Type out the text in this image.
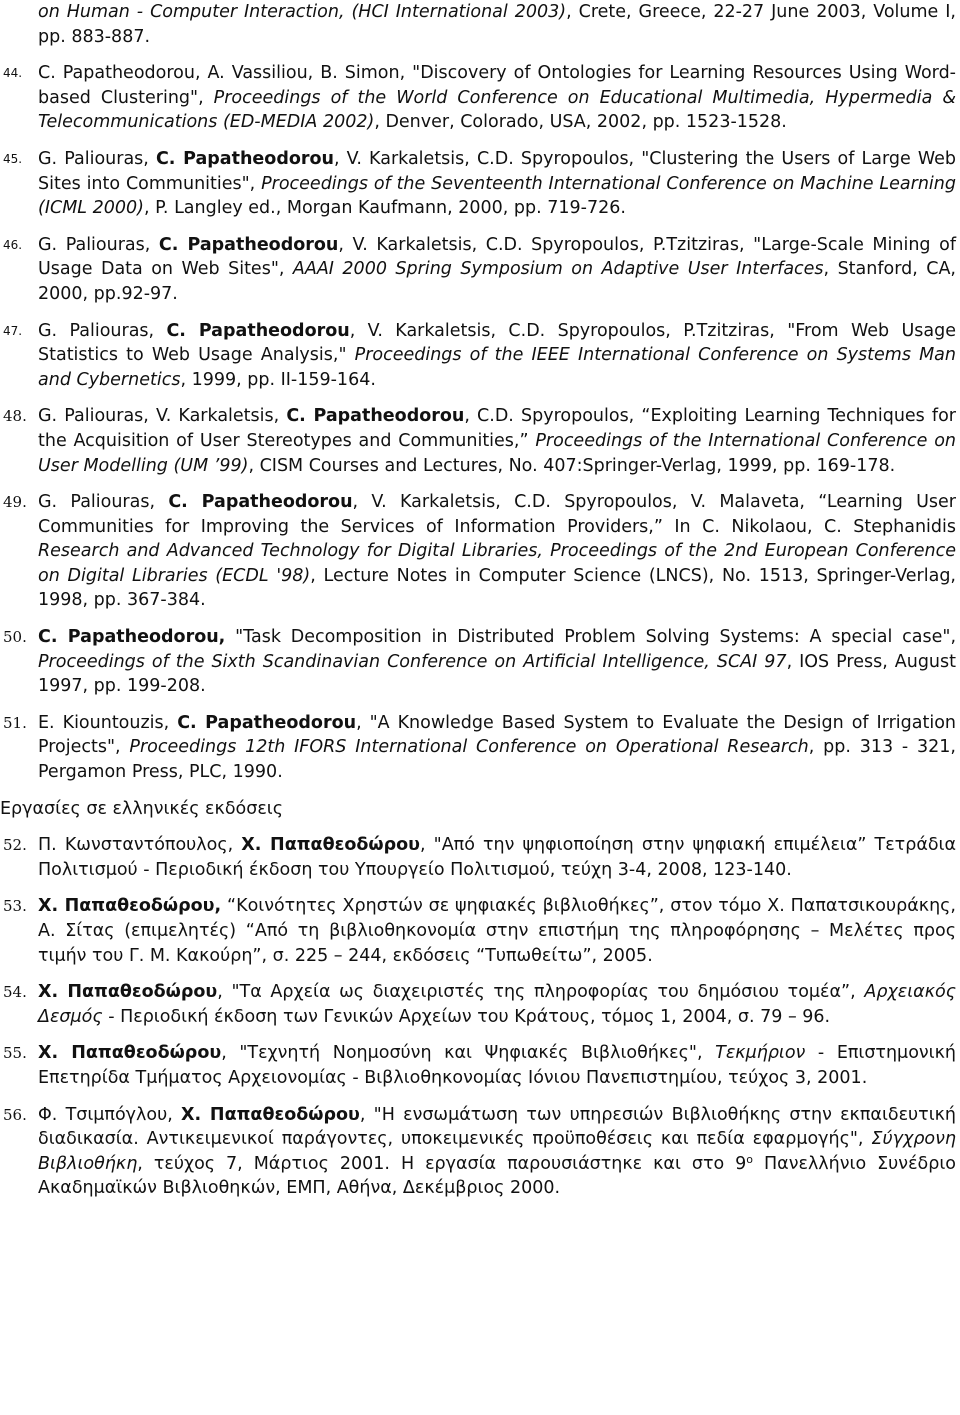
on Human - Computer Interaction, (HCI International 2003), Crete, Greece, 22-27 June 2003, Volume I, pp. 883-887.
44. C. Papatheodorou, A. Vassiliou, B. Simon, "Discovery of Ontologies for Learning Resources Using Word-based Clustering", Proceedings of the World Conference on Educational Multimedia, Hypermedia & Telecommunications (ED-MEDIA 2002), Denver, Colorado, USA, 2002, pp. 1523-1528.
45. G. Paliouras, C. Papatheodorou, V. Karkaletsis, C.D. Spyropoulos, "Clustering the Users of Large Web Sites into Communities", Proceedings of the Seventeenth International Conference on Machine Learning (ICML 2000), P. Langley ed., Morgan Kaufmann, 2000, pp. 719-726.
46. G. Paliouras, C. Papatheodorou, V. Karkaletsis, C.D. Spyropoulos, P.Tzitziras, "Large-Scale Mining of Usage Data on Web Sites", AAAI 2000 Spring Symposium on Adaptive User Interfaces, Stanford, CA, 2000, pp.92-97.
47. G. Paliouras, C. Papatheodorou, V. Karkaletsis, C.D. Spyropoulos, P.Tzitziras, "From Web Usage Statistics to Web Usage Analysis," Proceedings of the IEEE International Conference on Systems Man and Cybernetics, 1999, pp. II-159-164.
48. G. Paliouras, V. Karkaletsis, C. Papatheodorou, C.D. Spyropoulos, “Exploiting Learning Techniques for the Acquisition of User Stereotypes and Communities,” Proceedings of the International Conference on User Modelling (UM ’99), CISM Courses and Lectures, No. 407:Springer-Verlag, 1999, pp. 169-178.
49. G. Paliouras, C. Papatheodorou, V. Karkaletsis, C.D. Spyropoulos, V. Malaveta, “Learning User Communities for Improving the Services of Information Providers,” In C. Nikolaou, C. Stephanidis Research and Advanced Technology for Digital Libraries, Proceedings of the 2nd European Conference on Digital Libraries (ECDL '98), Lecture Notes in Computer Science (LNCS), No. 1513, Springer-Verlag, 1998, pp. 367-384.
50. C. Papatheodorou, "Task Decomposition in Distributed Problem Solving Systems: A special case", Proceedings of the Sixth Scandinavian Conference on Artificial Intelligence, SCAI 97, IOS Press, August 1997, pp. 199-208.
51. E. Kiountouzis, C. Papatheodorou, "A Knowledge Based System to Evaluate the Design of Irrigation Projects", Proceedings 12th IFORS International Conference on Operational Research, pp. 313 - 321, Pergamon Press, PLC, 1990.
Εργασίες σε ελληνικές εκδόσεις
52. Π. Κωνσταντόπουλος, Χ. Παπαθεοδώρου, "Από την ψηφιοποίηση στην ψηφιακή επιμέλεια” Τετράδια Πολιτισμού - Περιοδική έκδοση του Υπουργείο Πολιτισμού, τεύχη 3-4, 2008, 123-140.
53. Χ. Παπαθεοδώρου, “Κοινότητες Χρηστών σε ψηφιακές βιβλιοθήκες”, στον τόμο Χ. Παπατσικουράκης, Α. Σίτας (επιμελητές) “Από τη βιβλιοθηκονομία στην επιστήμη της πληροφόρησης – Μελέτες προς τιμήν του Γ. Μ. Κακούρη”, σ. 225 – 244, εκδόσεις “Τυπωθείτω”, 2005.
54. Χ. Παπαθεοδώρου, "Τα Αρχεία ως διαχειριστές της πληροφορίας του δημόσιου τομέα”, Αρχειακός Δεσμός - Περιοδική έκδοση των Γενικών Αρχείων του Κράτους, τόμος 1, 2004, σ. 79 – 96.
55. Χ. Παπαθεοδώρου, "Τεχνητή Νοημοσύνη και Ψηφιακές Βιβλιοθήκες", Τεκμήριον - Επιστημονική Επετηρίδα Τμήματος Αρχειονομίας - Βιβλιοθηκονομίας Ιόνιου Πανεπιστημίου, τεύχος 3, 2001.
56. Φ. Τσιμπόγλου, Χ. Παπαθεοδώρου, "Η ενσωμάτωση των υπηρεσιών Βιβλιοθήκης στην εκπαιδευτική διαδικασία. Αντικειμενικοί παράγοντες, υποκειμενικές προϋποθέσεις και πεδία εφαρμογής", Σύγχρονη Βιβλιοθήκη, τεύχος 7, Μάρτιος 2001. Η εργασία παρουσιάστηκε και στο $9^o$ Πανελλήνιο Συνέδριο Ακαδημαϊκών Βιβλιοθηκών, ΕΜΠ, Αθήνα, Δεκέμβριος 2000.
